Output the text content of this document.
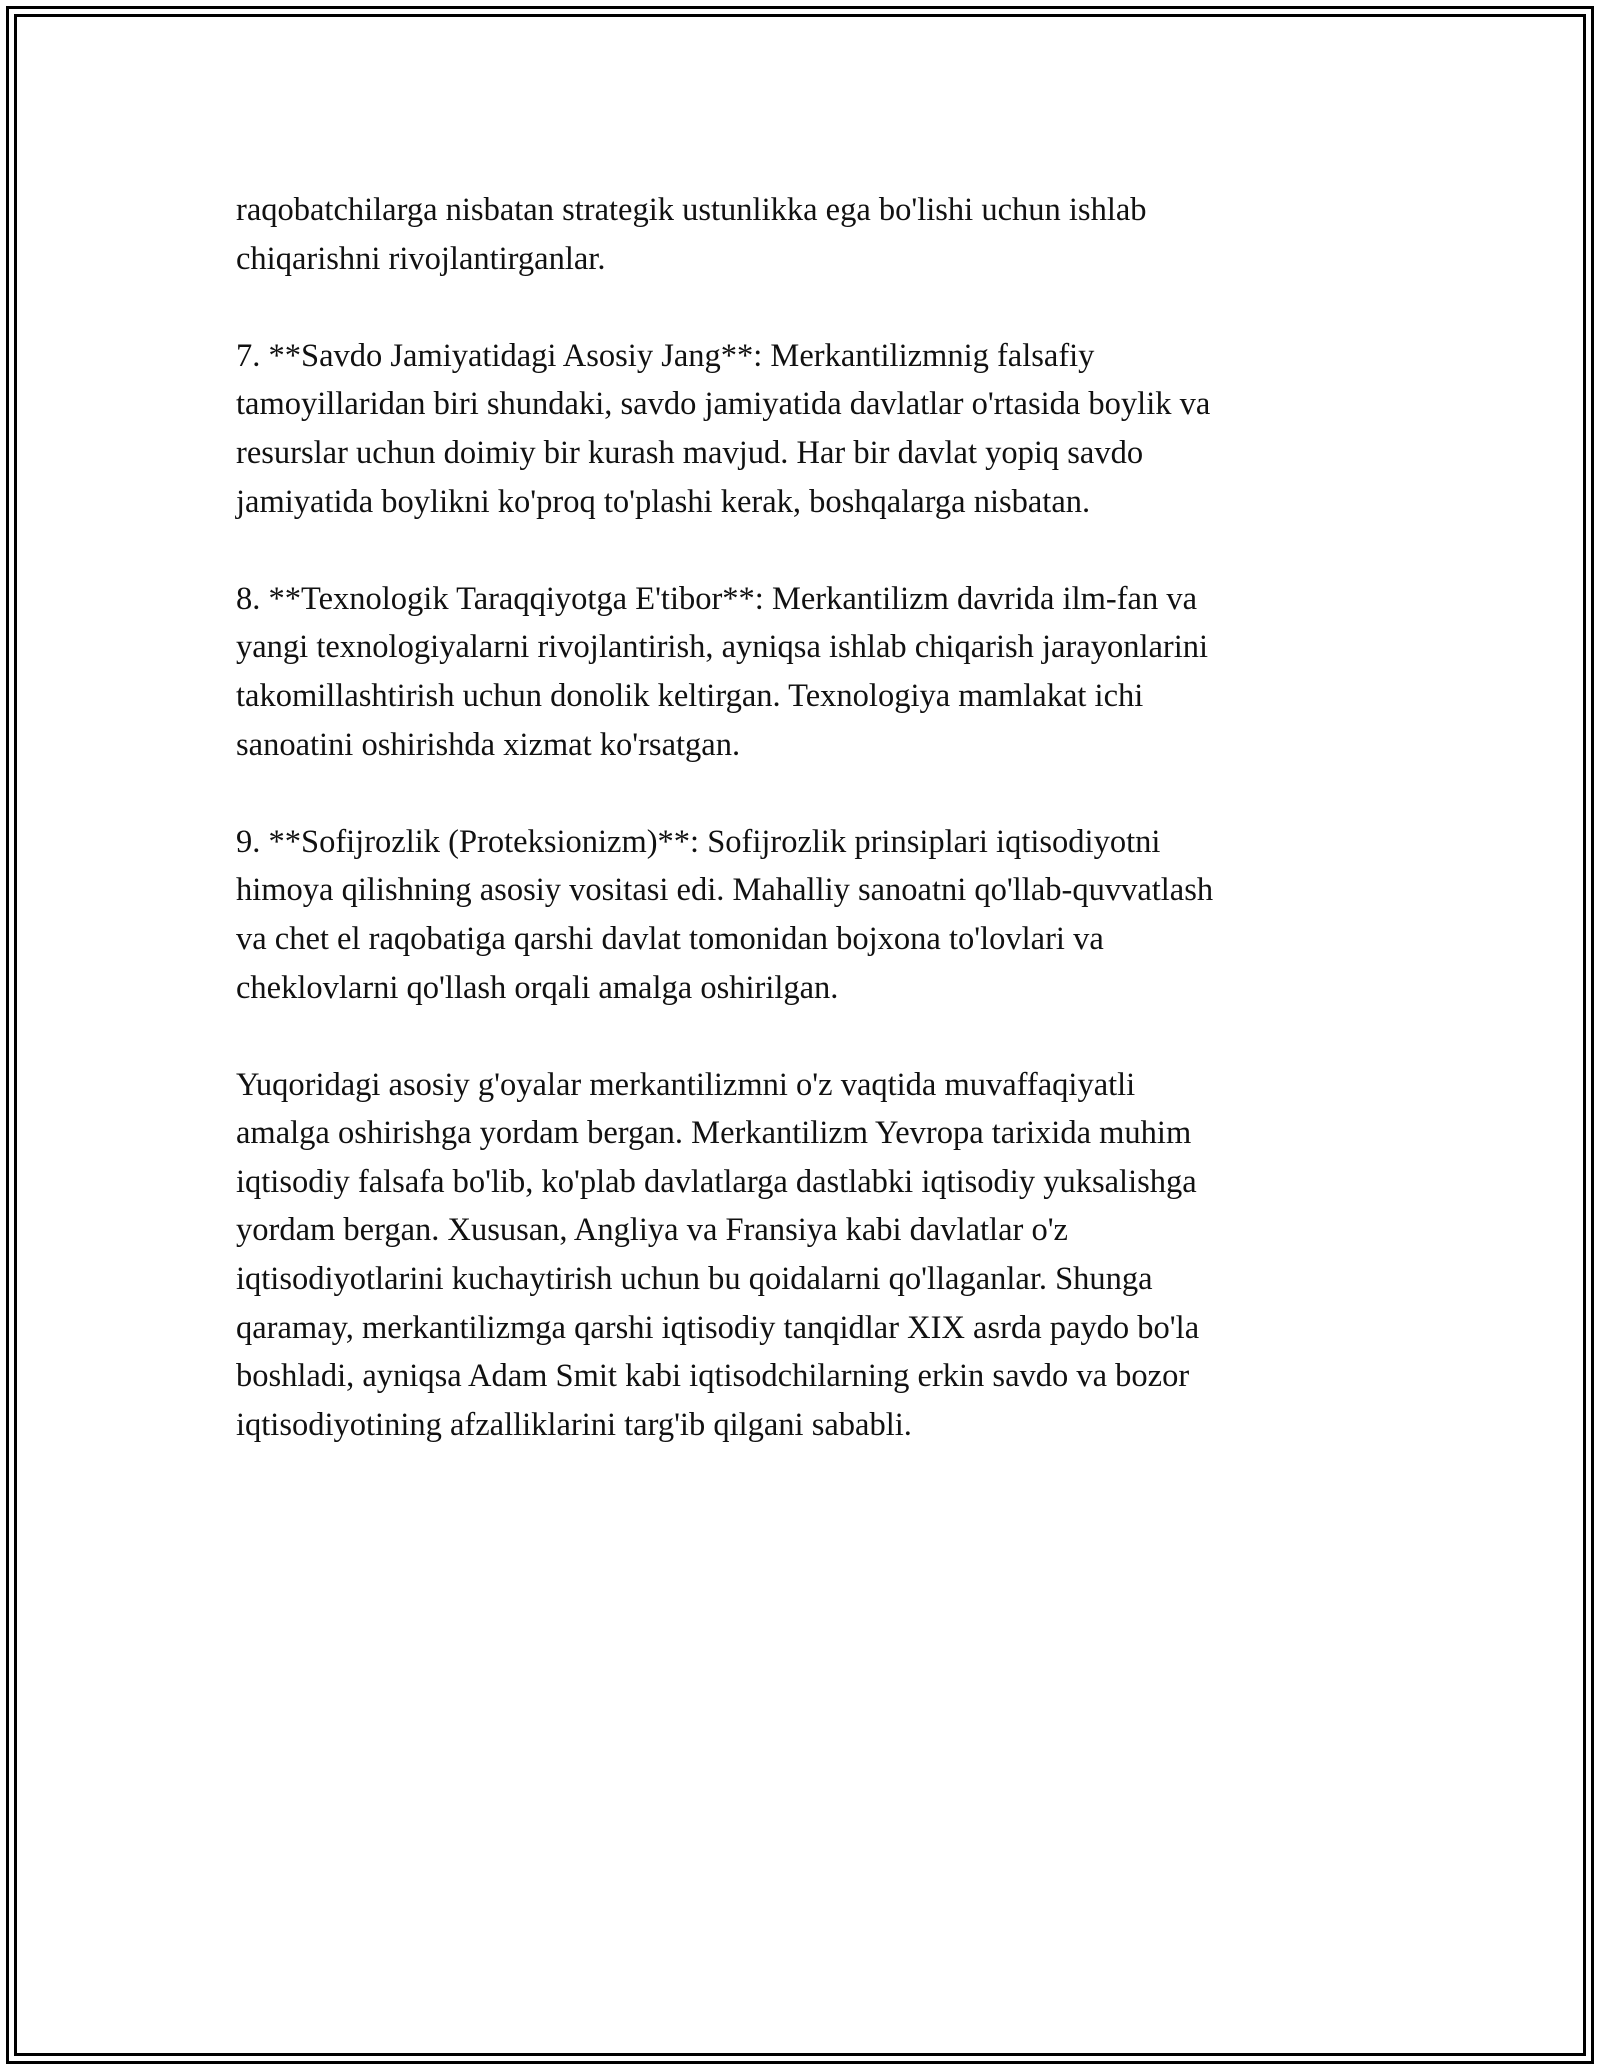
raqobatchilarga nisbatan strategik ustunlikka ega bo'lishi uchun ishlab
chiqarishni rivojlantirganlar.

7. **Savdo Jamiyatidagi Asosiy Jang**: Merkantilizmnig falsafiy
tamoyillaridan biri shundaki, savdo jamiyatida davlatlar o'rtasida boylik va
resurslar uchun doimiy bir kurash mavjud. Har bir davlat yopiq savdo
jamiyatida boylikni ko'proq to'plashi kerak, boshqalarga nisbatan.

8. **Texnologik Taraqqiyotga E'tibor**: Merkantilizm davrida ilm-fan va
yangi texnologiyalarni rivojlantirish, ayniqsa ishlab chiqarish jarayonlarini
takomillashtirish uchun donolik keltirgan. Texnologiya mamlakat ichi
sanoatini oshirishda xizmat ko'rsatgan.

9. **Sofijrozlik (Proteksionizm)**: Sofijrozlik prinsiplari iqtisodiyotni
himoya qilishning asosiy vositasi edi. Mahalliy sanoatni qo'llab-quvvatlash
va chet el raqobatiga qarshi davlat tomonidan bojxona to'lovlari va
cheklovlarni qo'llash orqali amalga oshirilgan.

Yuqoridagi asosiy g'oyalar merkantilizmni o'z vaqtida muvaffaqiyatli
amalga oshirishga yordam bergan. Merkantilizm Yevropa tarixida muhim
iqtisodiy falsafa bo'lib, ko'plab davlatlarga dastlabki iqtisodiy yuksalishga
yordam bergan. Xususan, Angliya va Fransiya kabi davlatlar o'z
iqtisodiyotlarini kuchaytirish uchun bu qoidalarni qo'llaganlar. Shunga
qaramay, merkantilizmga qarshi iqtisodiy tanqidlar XIX asrda paydo bo'la
boshladi, ayniqsa Adam Smit kabi iqtisodchilarning erkin savdo va bozor
iqtisodiyotining afzalliklarini targ'ib qilgani sababli.
